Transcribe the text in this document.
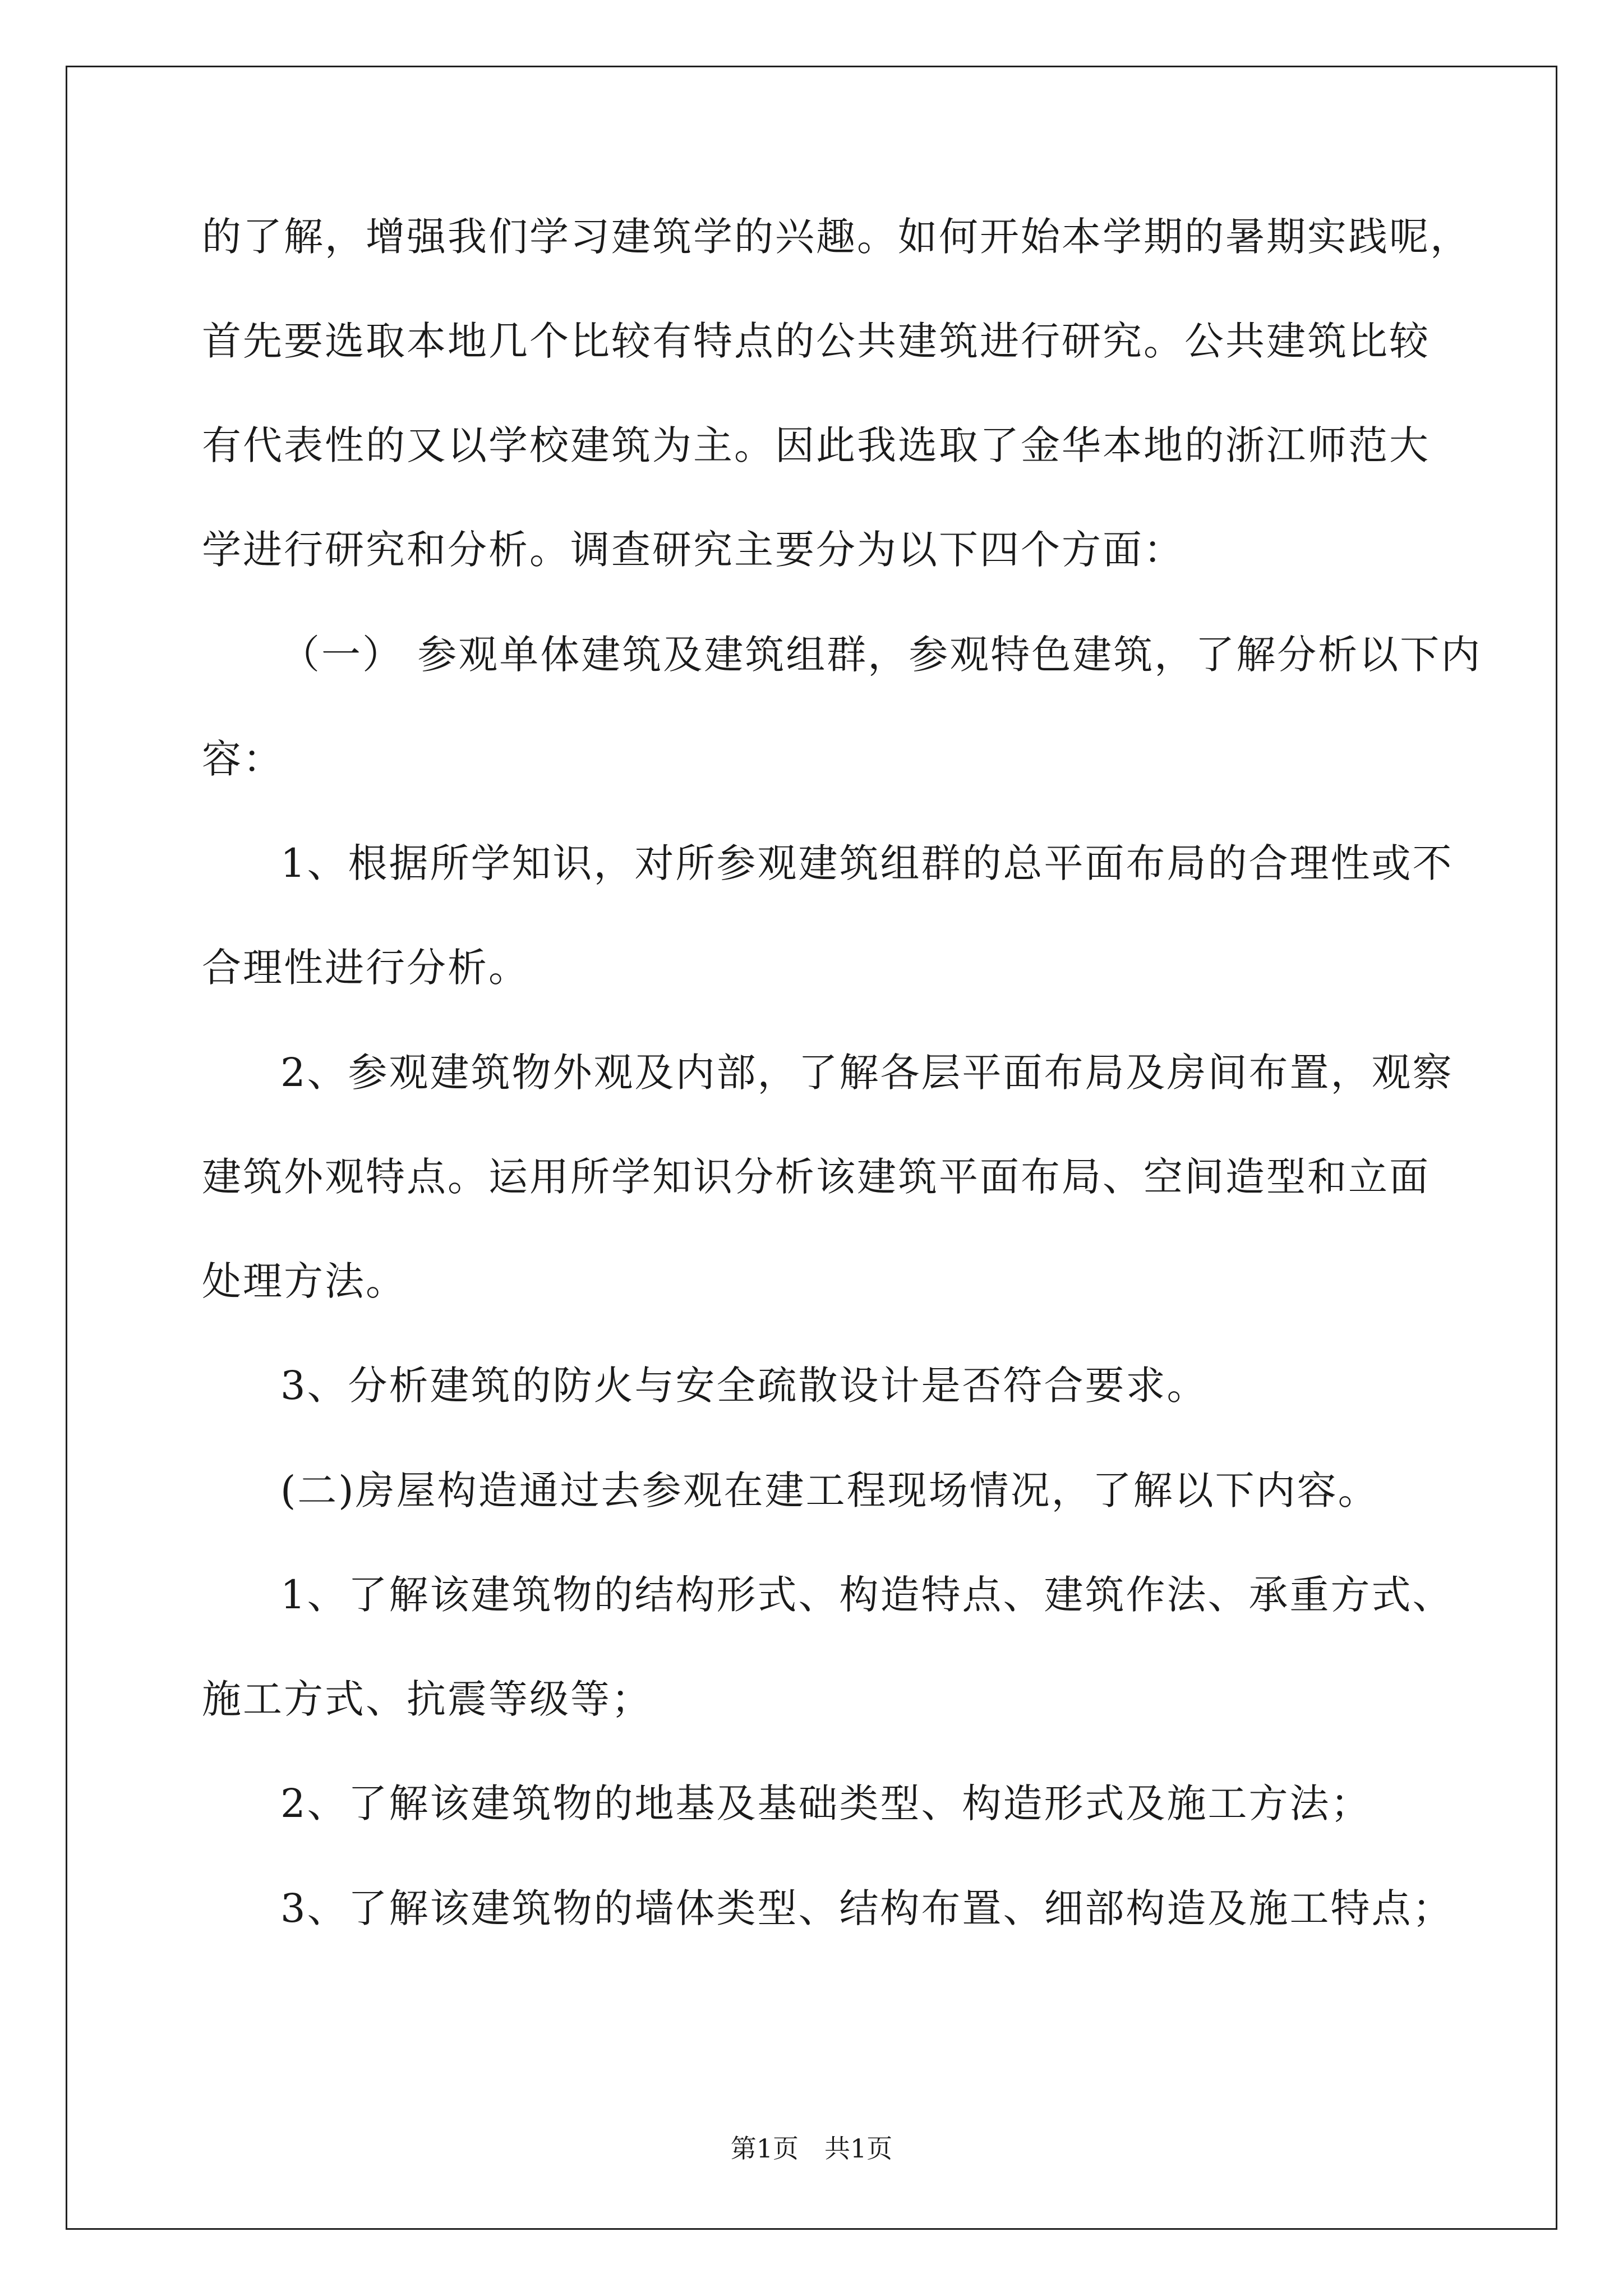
的了解，增强我们学习建筑学的兴趣。如何开始本学期的暑期实践呢，
首先要选取本地几个比较有特点的公共建筑进行研究。公共建筑比较
有代表性的又以学校建筑为主。因此我选取了金华本地的浙江师范大
学进行研究和分析。调查研究主要分为以下四个方面：
（一） 参观单体建筑及建筑组群，参观特色建筑，了解分析以下内
容：
1、根据所学知识，对所参观建筑组群的总平面布局的合理性或不
合理性进行分析。
2、参观建筑物外观及内部，了解各层平面布局及房间布置，观察
建筑外观特点。运用所学知识分析该建筑平面布局、空间造型和立面
处理方法。
3、分析建筑的防火与安全疏散设计是否符合要求。
(二)房屋构造通过去参观在建工程现场情况，了解以下内容。
1、了解该建筑物的结构形式、构造特点、建筑作法、承重方式、
施工方式、抗震等级等；
2、了解该建筑物的地基及基础类型、构造形式及施工方法；
3、了解该建筑物的墙体类型、结构布置、细部构造及施工特点；
第1页　共1页
